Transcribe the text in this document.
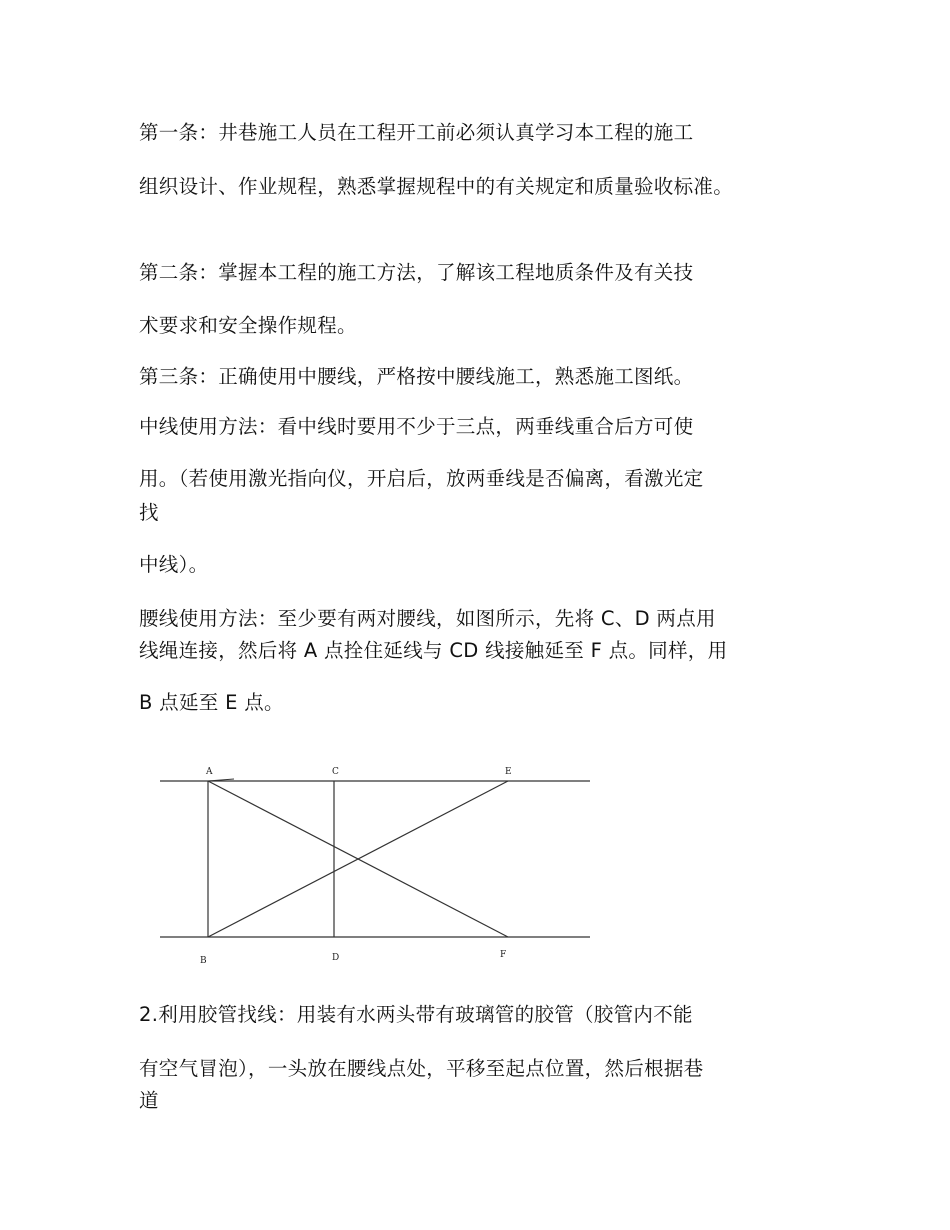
第一条：井巷施工人员在工程开工前必须认真学习本工程的施工

组织设计、作业规程，熟悉掌握规程中的有关规定和质量验收标准。

第二条：掌握本工程的施工方法，了解该工程地质条件及有关技

术要求和安全操作规程。

第三条：正确使用中腰线，严格按中腰线施工，熟悉施工图纸。

中线使用方法：看中线时要用不少于三点，两垂线重合后方可使

用。（若使用激光指向仪，开启后，放两垂线是否偏离，看激光定

找

中线）。

腰线使用方法：至少要有两对腰线，如图所示，先将 C、D 两点用

线绳连接，然后将 A 点拴住延线与 CD 线接触延至 F 点。同样，用

B 点延至 E 点。

A	C	E
B	D	F

2.利用胶管找线：用装有水两头带有玻璃管的胶管（胶管内不能

有空气冒泡），一头放在腰线点处，平移至起点位置，然后根据巷

道
